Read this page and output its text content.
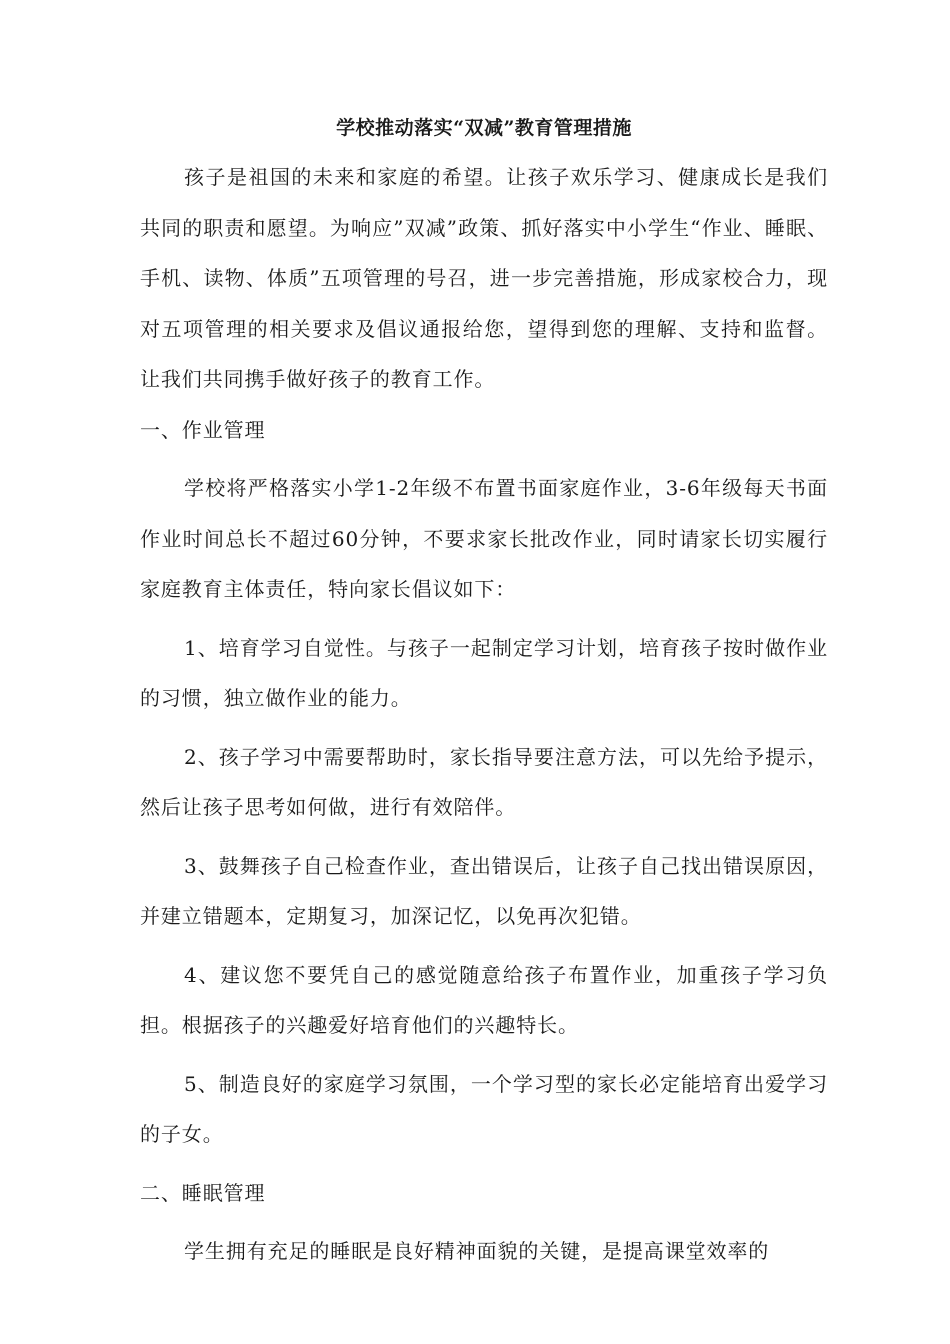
学校推动落实“双减”教育管理措施

孩子是祖国的未来和家庭的希望。让孩子欢乐学习、健康成长是我们共同的职责和愿望。为响应”双减”政策、抓好落实中小学生“作业、睡眠、手机、读物、体质”五项管理的号召，进一步完善措施，形成家校合力，现对五项管理的相关要求及倡议通报给您，望得到您的理解、支持和监督。让我们共同携手做好孩子的教育工作。

一、作业管理

学校将严格落实小学1-2年级不布置书面家庭作业，3-6年级每天书面作业时间总长不超过60分钟，不要求家长批改作业，同时请家长切实履行家庭教育主体责任，特向家长倡议如下：

1、培育学习自觉性。与孩子一起制定学习计划，培育孩子按时做作业的习惯，独立做作业的能力。

2、孩子学习中需要帮助时，家长指导要注意方法，可以先给予提示，然后让孩子思考如何做，进行有效陪伴。

3、鼓舞孩子自己检查作业，查出错误后，让孩子自己找出错误原因，并建立错题本，定期复习，加深记忆，以免再次犯错。

4、建议您不要凭自己的感觉随意给孩子布置作业，加重孩子学习负担。根据孩子的兴趣爱好培育他们的兴趣特长。

5、制造良好的家庭学习氛围，一个学习型的家长必定能培育出爱学习的子女。

二、睡眠管理

学生拥有充足的睡眠是良好精神面貌的关键，是提高课堂效率的
